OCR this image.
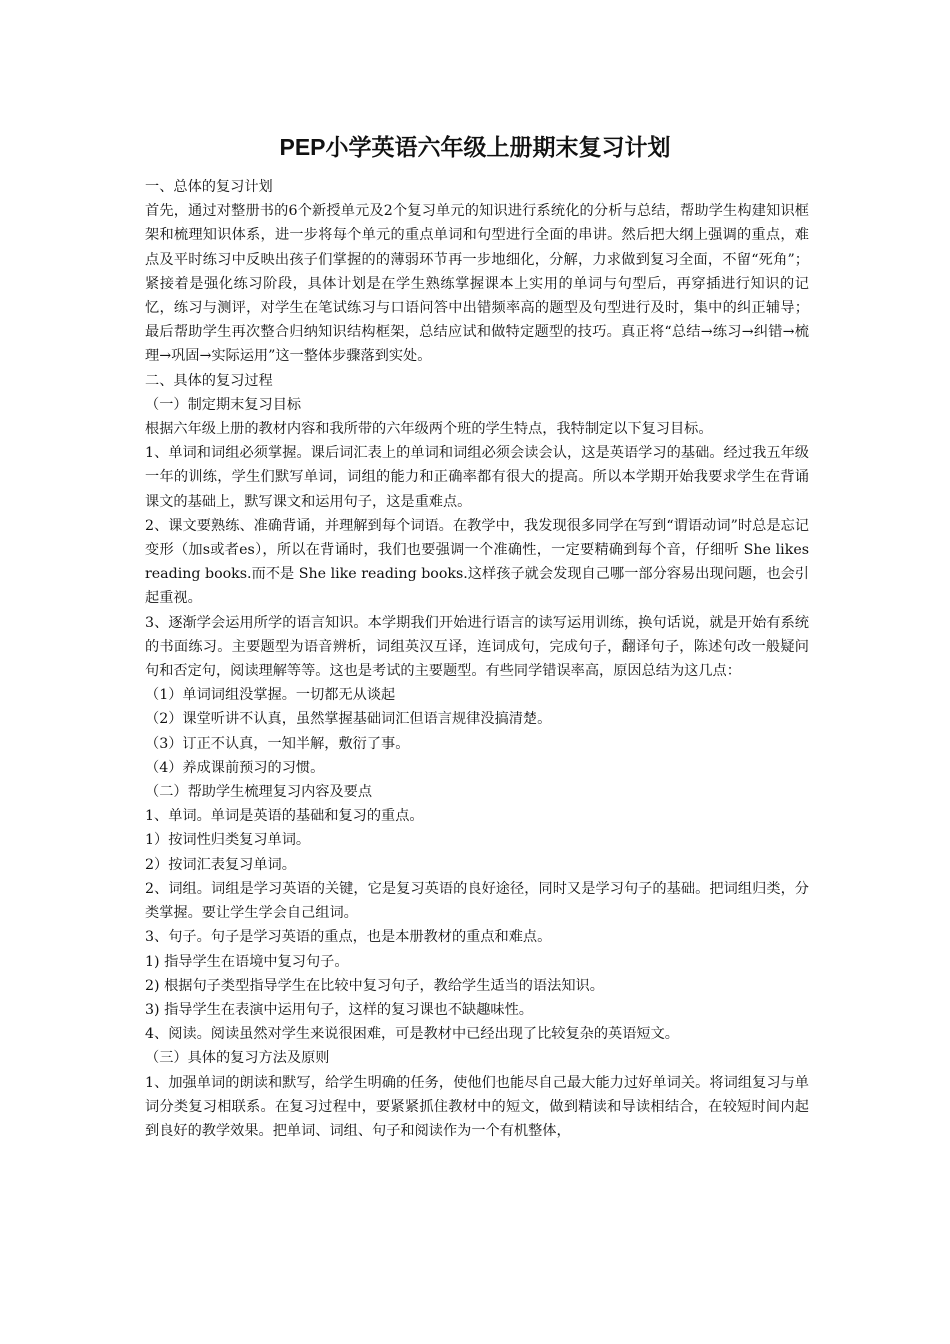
PEP小学英语六年级上册期末复习计划

一、总体的复习计划

首先，通过对整册书的6个新授单元及2个复习单元的知识进行系统化的分析与总结，帮助学生构建知识框架和梳理知识体系，进一步将每个单元的重点单词和句型进行全面的串讲。然后把大纲上强调的重点，难点及平时练习中反映出孩子们掌握的的薄弱环节再一步地细化，分解，力求做到复习全面，不留“死角”；紧接着是强化练习阶段，具体计划是在学生熟练掌握课本上实用的单词与句型后，再穿插进行知识的记忆，练习与测评，对学生在笔试练习与口语问答中出错频率高的题型及句型进行及时，集中的纠正辅导；最后帮助学生再次整合归纳知识结构框架，总结应试和做特定题型的技巧。真正将“总结→练习→纠错→梳理→巩固→实际运用”这一整体步骤落到实处。

二、具体的复习过程

（一）制定期末复习目标

根据六年级上册的教材内容和我所带的六年级两个班的学生特点，我特制定以下复习目标。

1、单词和词组必须掌握。课后词汇表上的单词和词组必须会读会认，这是英语学习的基础。经过我五年级一年的训练，学生们默写单词，词组的能力和正确率都有很大的提高。所以本学期开始我要求学生在背诵课文的基础上，默写课文和运用句子，这是重难点。

2、课文要熟练、准确背诵，并理解到每个词语。在教学中，我发现很多同学在写到“谓语动词”时总是忘记变形（加s或者es），所以在背诵时，我们也要强调一个准确性，一定要精确到每个音，仔细听 She likes reading books.而不是 She like reading books.这样孩子就会发现自己哪一部分容易出现问题，也会引起重视。

3、逐渐学会运用所学的语言知识。本学期我们开始进行语言的读写运用训练，换句话说，就是开始有系统的书面练习。主要题型为语音辨析，词组英汉互译，连词成句，完成句子，翻译句子，陈述句改一般疑问句和否定句，阅读理解等等。这也是考试的主要题型。有些同学错误率高，原因总结为这几点：

（1）单词词组没掌握。一切都无从谈起

（2）课堂听讲不认真，虽然掌握基础词汇但语言规律没搞清楚。

（3）订正不认真，一知半解，敷衍了事。

（4）养成课前预习的习惯。

（二）帮助学生梳理复习内容及要点

1、单词。单词是英语的基础和复习的重点。

1）按词性归类复习单词。

2）按词汇表复习单词。

2、词组。词组是学习英语的关键，它是复习英语的良好途径，同时又是学习句子的基础。把词组归类，分类掌握。要让学生学会自己组词。

3、句子。句子是学习英语的重点，也是本册教材的重点和难点。

1) 指导学生在语境中复习句子。

2) 根据句子类型指导学生在比较中复习句子，教给学生适当的语法知识。

3) 指导学生在表演中运用句子，这样的复习课也不缺趣味性。

4、阅读。阅读虽然对学生来说很困难，可是教材中已经出现了比较复杂的英语短文。

（三）具体的复习方法及原则

1、加强单词的朗读和默写，给学生明确的任务，使他们也能尽自己最大能力过好单词关。将词组复习与单词分类复习相联系。在复习过程中，要紧紧抓住教材中的短文，做到精读和导读相结合，在较短时间内起到良好的教学效果。把单词、词组、句子和阅读作为一个有机整体，
